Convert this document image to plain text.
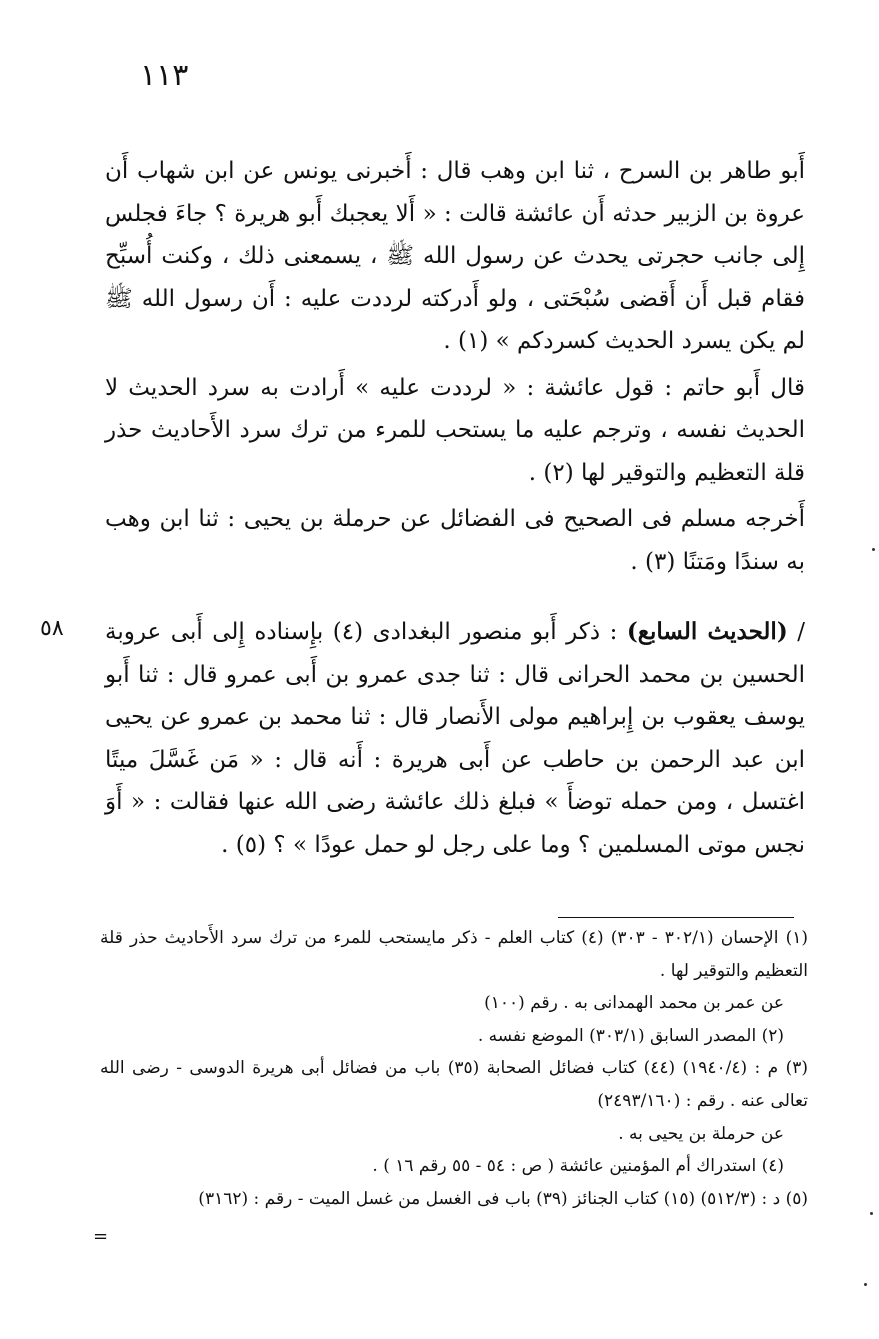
١١٣

أَبو طاهر بن السرح ، ثنا ابن وهب قال : أَخبرنى يونس عن ابن شهاب أَن عروة بن الزبير حدثه أَن عائشة قالت : « أَلا يعجبك أَبو هريرة ؟ جاءَ فجلس إِلى جانب حجرتى يحدث عن رسول الله ﷺ ، يسمعنى ذلك ، وكنت أُسبِّح فقام قبل أَن أَقضى سُبْحَتى ، ولو أَدركته لرددت عليه : أَن رسول الله ﷺ لم يكن يسرد الحديث كسردكم » (١) .

قال أَبو حاتم : قول عائشة : « لرددت عليه » أَرادت به سرد الحديث لا الحديث نفسه ، وترجم عليه ما يستحب للمرء من ترك سرد الأَحاديث حذر قلة التعظيم والتوقير لها (٢) .

أَخرجه مسلم فى الصحيح فى الفضائل عن حرملة بن يحيى : ثنا ابن وهب به سندًا ومَتنًا (٣) .

/ (الحديث السابع) : ذكر أَبو منصور البغدادى (٤) بإِسناده إِلى أَبى عروبة الحسين بن محمد الحرانى قال : ثنا جدى عمرو بن أَبى عمرو قال : ثنا أَبو يوسف يعقوب بن إِبراهيم مولى الأَنصار قال : ثنا محمد بن عمرو عن يحيى ابن عبد الرحمن بن حاطب عن أَبى هريرة : أَنه قال : « مَن غَسَّلَ ميتًا اغتسل ، ومن حمله توضأَ » فبلغ ذلك عائشة رضى الله عنها فقالت : « أَوَ نجس موتى المسلمين ؟ وما على رجل لو حمل عودًا » ؟ (٥) .

٥٨

(١) الإحسان (٣٠٢/١ - ٣٠٣) (٤) كتاب العلم - ذكر مايستحب للمرء من ترك سرد الأَحاديث حذر قلة التعظيم والتوقير لها .

عن عمر بن محمد الهمدانى به . رقم (١٠٠)

(٢) المصدر السابق (٣٠٣/١) الموضع نفسه .

(٣) م : (١٩٤٠/٤) (٤٤) كتاب فضائل الصحابة (٣٥) باب من فضائل أبى هريرة الدوسى - رضى الله تعالى عنه . رقم : (٢٤٩٣/١٦٠)

عن حرملة بن يحيى به .

(٤) استدراك أم المؤمنين عائشة ( ص : ٥٤ - ٥٥ رقم ١٦ ) .

(٥) د : (٥١٢/٣) (١٥) كتاب الجنائز (٣٩) باب فى الغسل من غسل الميت - رقم : (٣١٦٢)

=
